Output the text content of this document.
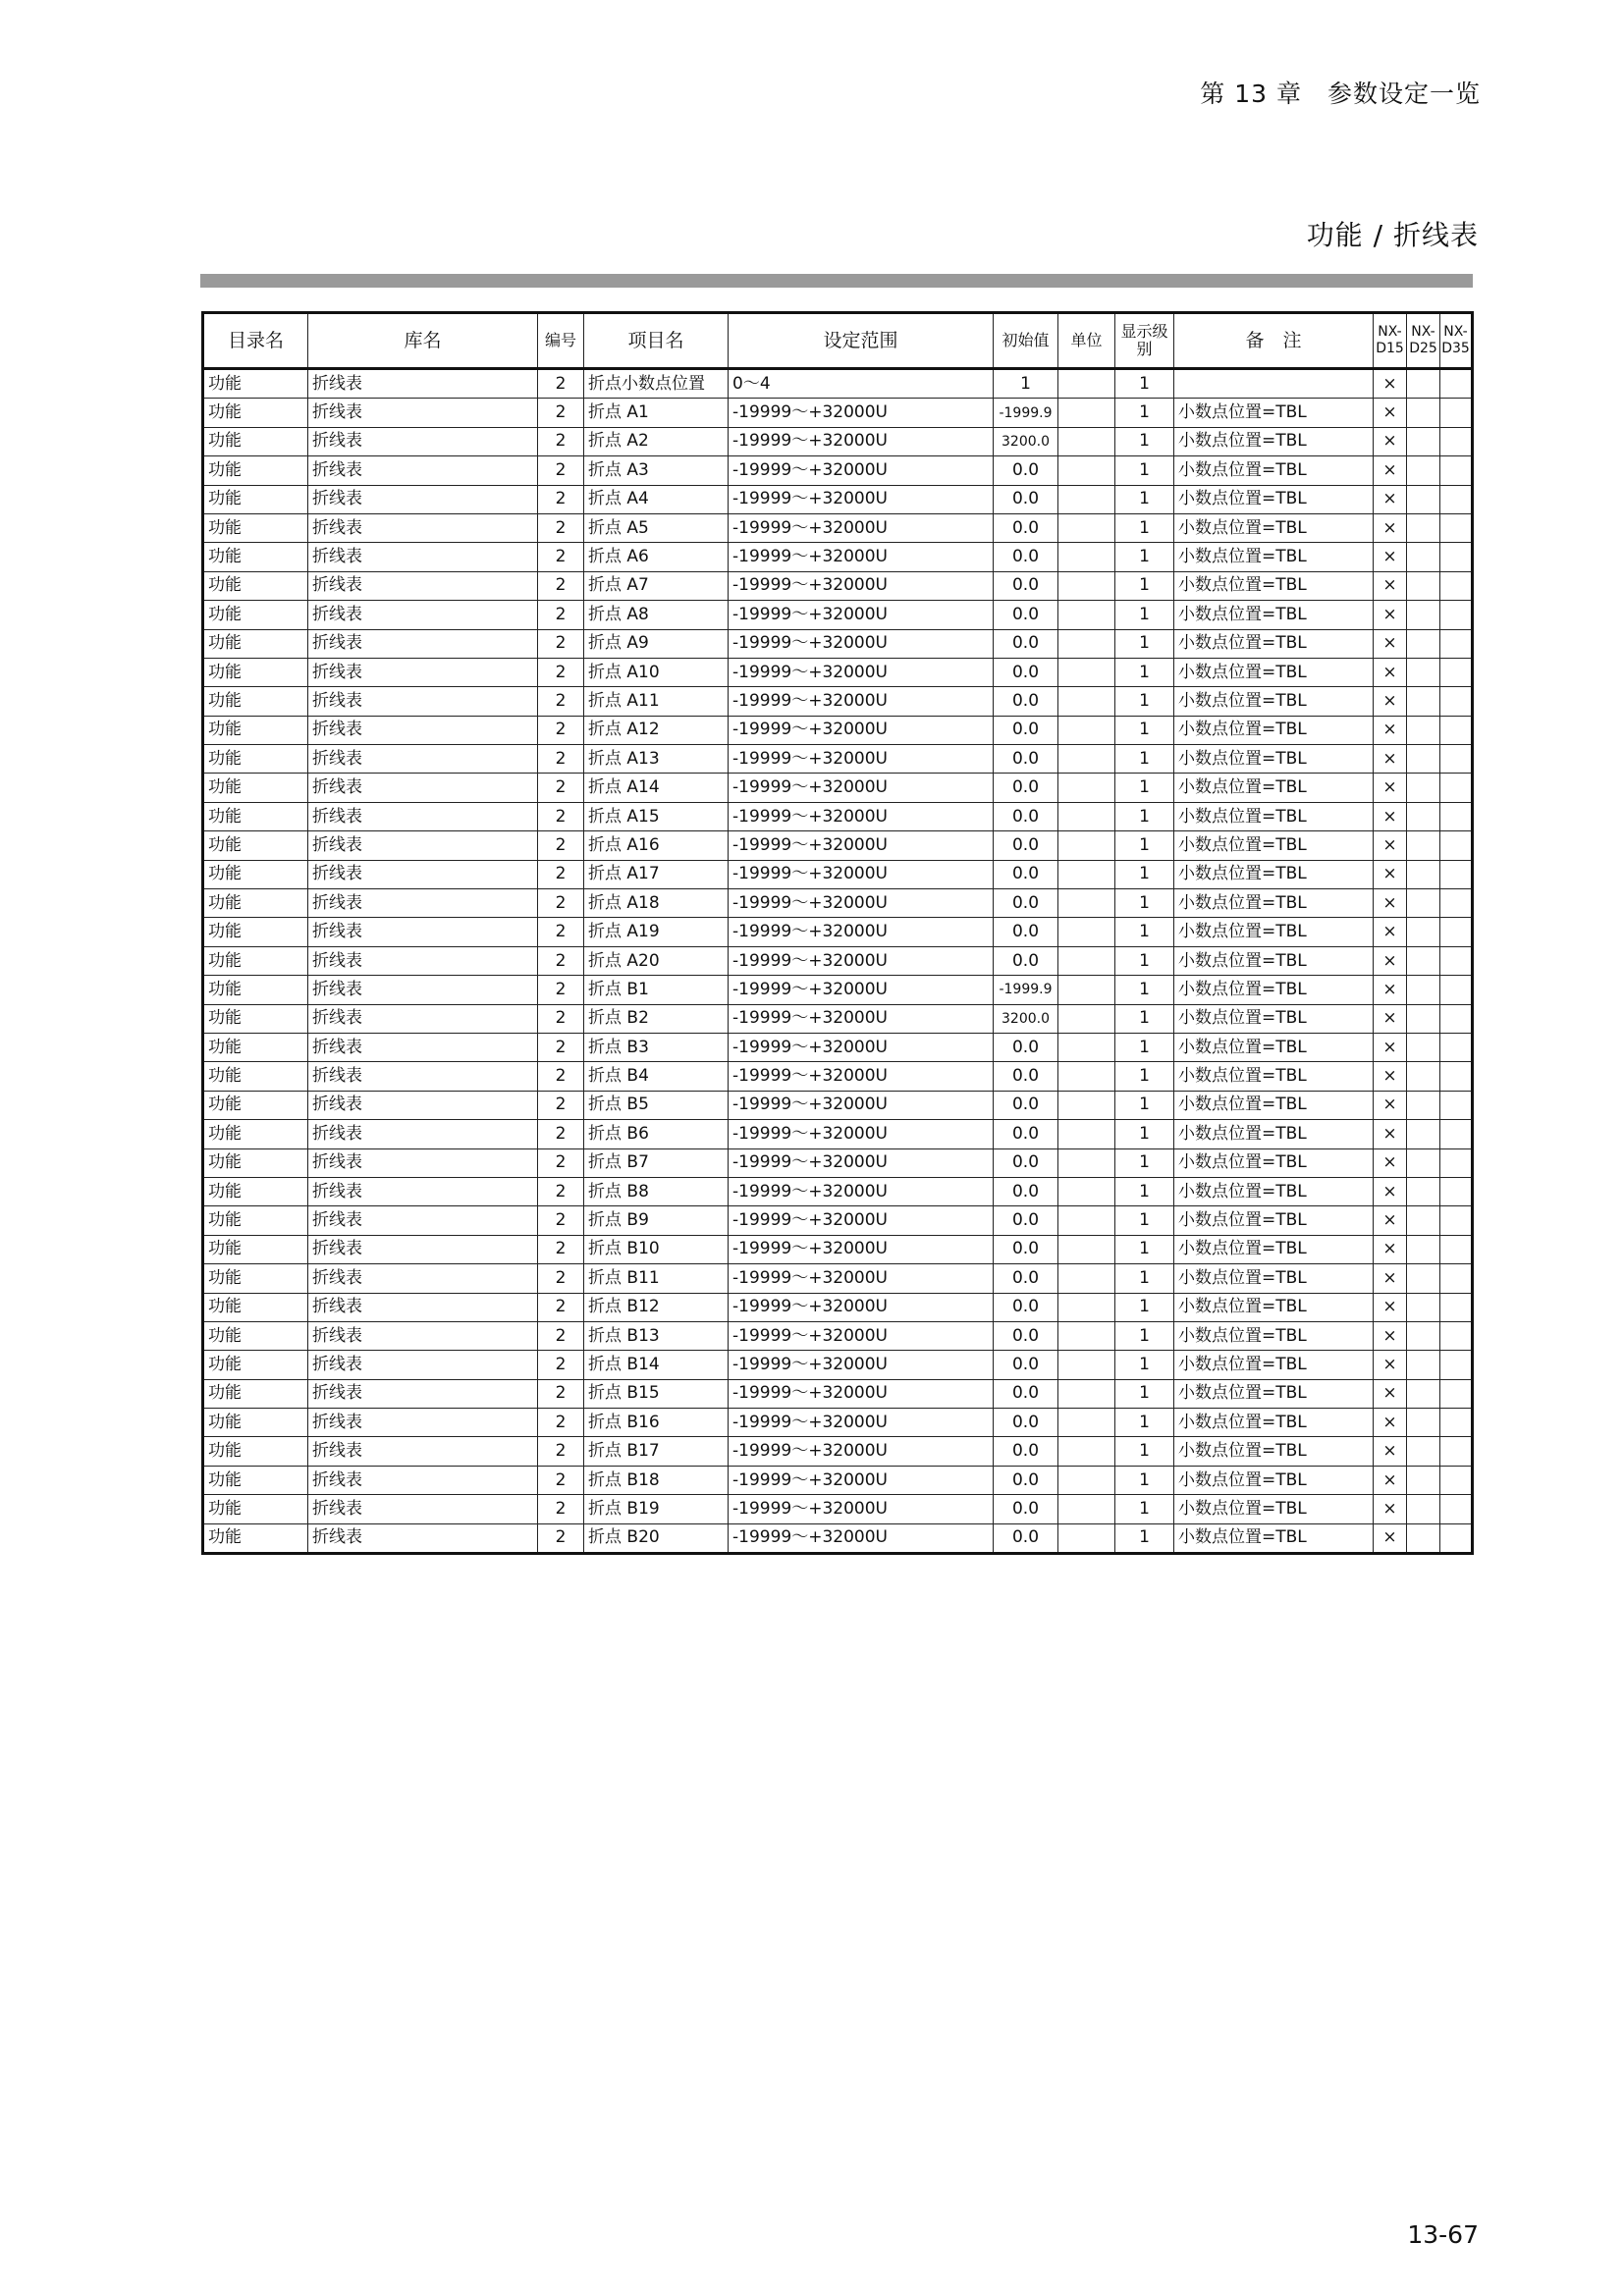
第 13 章　参数设定一览
功能 / 折线表
目录名	库名	编号	项目名	设定范围	初始值	单位	显示级别	备　注	NX-D15	NX-D25	NX-D35
功能	折线表	2	折点小数点位置	0～4	1		1		×		
功能	折线表	2	折点 A1	-19999～+32000U	-1999.9		1	小数点位置=TBL	×		
功能	折线表	2	折点 A2	-19999～+32000U	3200.0		1	小数点位置=TBL	×		
功能	折线表	2	折点 A3	-19999～+32000U	0.0		1	小数点位置=TBL	×		
功能	折线表	2	折点 A4	-19999～+32000U	0.0		1	小数点位置=TBL	×		
功能	折线表	2	折点 A5	-19999～+32000U	0.0		1	小数点位置=TBL	×		
功能	折线表	2	折点 A6	-19999～+32000U	0.0		1	小数点位置=TBL	×		
功能	折线表	2	折点 A7	-19999～+32000U	0.0		1	小数点位置=TBL	×		
功能	折线表	2	折点 A8	-19999～+32000U	0.0		1	小数点位置=TBL	×		
功能	折线表	2	折点 A9	-19999～+32000U	0.0		1	小数点位置=TBL	×		
功能	折线表	2	折点 A10	-19999～+32000U	0.0		1	小数点位置=TBL	×		
功能	折线表	2	折点 A11	-19999～+32000U	0.0		1	小数点位置=TBL	×		
功能	折线表	2	折点 A12	-19999～+32000U	0.0		1	小数点位置=TBL	×		
功能	折线表	2	折点 A13	-19999～+32000U	0.0		1	小数点位置=TBL	×		
功能	折线表	2	折点 A14	-19999～+32000U	0.0		1	小数点位置=TBL	×		
功能	折线表	2	折点 A15	-19999～+32000U	0.0		1	小数点位置=TBL	×		
功能	折线表	2	折点 A16	-19999～+32000U	0.0		1	小数点位置=TBL	×		
功能	折线表	2	折点 A17	-19999～+32000U	0.0		1	小数点位置=TBL	×		
功能	折线表	2	折点 A18	-19999～+32000U	0.0		1	小数点位置=TBL	×		
功能	折线表	2	折点 A19	-19999～+32000U	0.0		1	小数点位置=TBL	×		
功能	折线表	2	折点 A20	-19999～+32000U	0.0		1	小数点位置=TBL	×		
功能	折线表	2	折点 B1	-19999～+32000U	-1999.9		1	小数点位置=TBL	×		
功能	折线表	2	折点 B2	-19999～+32000U	3200.0		1	小数点位置=TBL	×		
功能	折线表	2	折点 B3	-19999～+32000U	0.0		1	小数点位置=TBL	×		
功能	折线表	2	折点 B4	-19999～+32000U	0.0		1	小数点位置=TBL	×		
功能	折线表	2	折点 B5	-19999～+32000U	0.0		1	小数点位置=TBL	×		
功能	折线表	2	折点 B6	-19999～+32000U	0.0		1	小数点位置=TBL	×		
功能	折线表	2	折点 B7	-19999～+32000U	0.0		1	小数点位置=TBL	×		
功能	折线表	2	折点 B8	-19999～+32000U	0.0		1	小数点位置=TBL	×		
功能	折线表	2	折点 B9	-19999～+32000U	0.0		1	小数点位置=TBL	×		
功能	折线表	2	折点 B10	-19999～+32000U	0.0		1	小数点位置=TBL	×		
功能	折线表	2	折点 B11	-19999～+32000U	0.0		1	小数点位置=TBL	×		
功能	折线表	2	折点 B12	-19999～+32000U	0.0		1	小数点位置=TBL	×		
功能	折线表	2	折点 B13	-19999～+32000U	0.0		1	小数点位置=TBL	×		
功能	折线表	2	折点 B14	-19999～+32000U	0.0		1	小数点位置=TBL	×		
功能	折线表	2	折点 B15	-19999～+32000U	0.0		1	小数点位置=TBL	×		
功能	折线表	2	折点 B16	-19999～+32000U	0.0		1	小数点位置=TBL	×		
功能	折线表	2	折点 B17	-19999～+32000U	0.0		1	小数点位置=TBL	×		
功能	折线表	2	折点 B18	-19999～+32000U	0.0		1	小数点位置=TBL	×		
功能	折线表	2	折点 B19	-19999～+32000U	0.0		1	小数点位置=TBL	×		
功能	折线表	2	折点 B20	-19999～+32000U	0.0		1	小数点位置=TBL	×		
13-67
